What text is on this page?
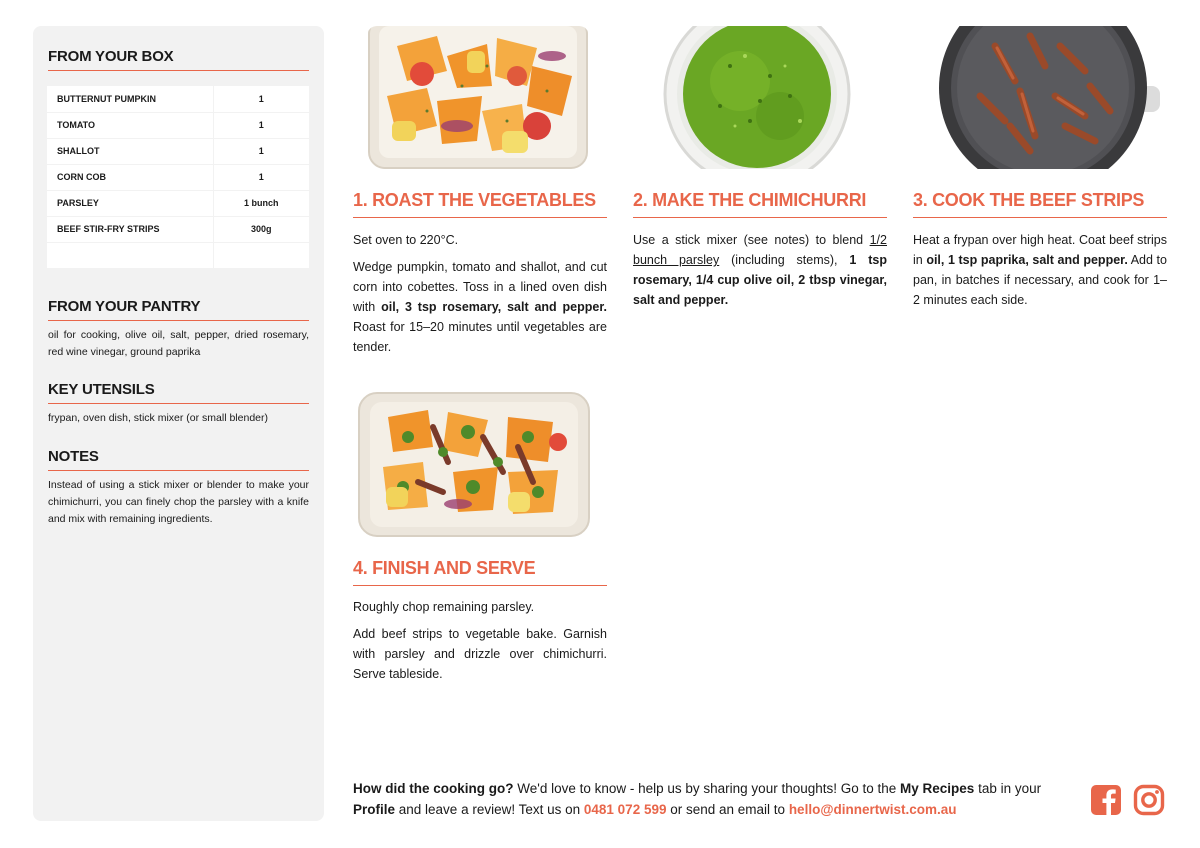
FROM YOUR BOX
BUTTERNUT PUMPKIN	1
TOMATO	1
SHALLOT	1
CORN COB	1
PARSLEY	1 bunch
BEEF STIR-FRY STRIPS	300g

FROM YOUR PANTRY
oil for cooking, olive oil, salt, pepper, dried rosemary, red wine vinegar, ground paprika
KEY UTENSILS
frypan, oven dish, stick mixer (or small blender)
NOTES
Instead of using a stick mixer or blender to make your chimichurri, you can finely chop the parsley with a knife and mix with remaining ingredients.
1. ROAST THE VEGETABLES

Set oven to 220°C.

Wedge pumpkin, tomato and shallot, and cut corn into cobettes. Toss in a lined oven dish with oil, 3 tsp rosemary, salt and pepper. Roast for 15–20 minutes until vegetables are tender.

2. MAKE THE CHIMICHURRI

Use a stick mixer (see notes) to blend 1/2 bunch parsley (including stems), 1 tsp rosemary, 1/4 cup olive oil, 2 tbsp vinegar, salt and pepper.

3. COOK THE BEEF STRIPS

Heat a frypan over high heat. Coat beef strips in oil, 1 tsp paprika, salt and pepper. Add to pan, in batches if necessary, and cook for 1–2 minutes each side.

4. FINISH AND SERVE

Roughly chop remaining parsley.

Add beef strips to vegetable bake. Garnish with parsley and drizzle over chimichurri. Serve tableside.

How did the cooking go? We'd love to know - help us by sharing your thoughts! Go to the My Recipes tab in your Profile and leave a review! Text us on 0481 072 599 or send an email to hello@dinnertwist.com.au
